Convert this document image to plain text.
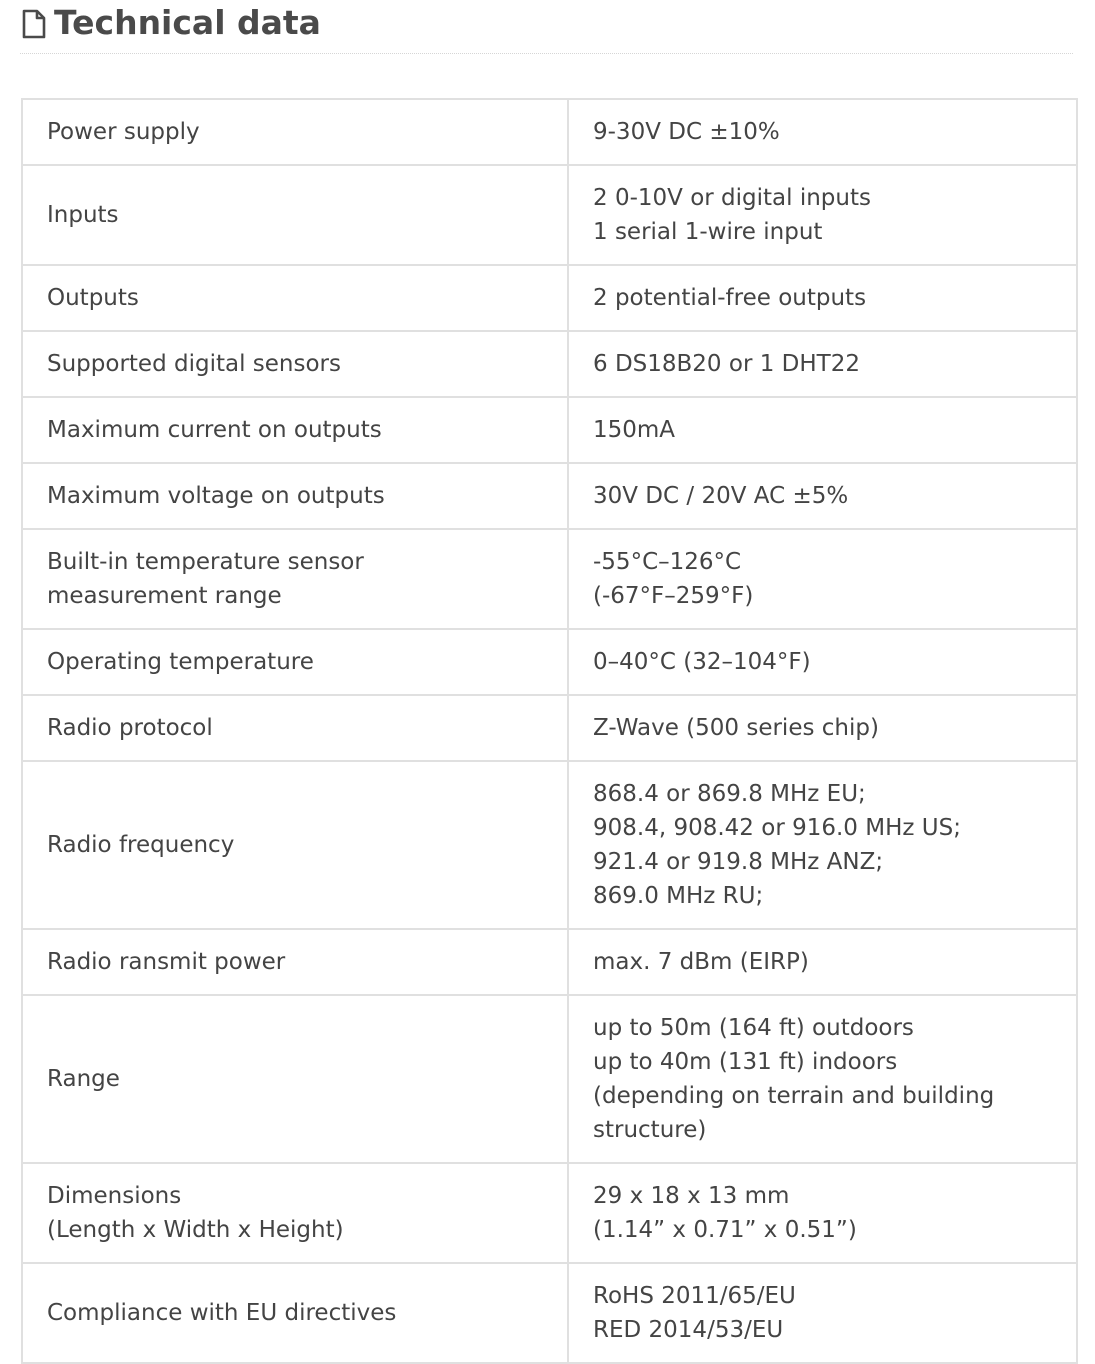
Technical data
Power supply	9-30V DC ±10%

Inputs	2 0-10V or digital inputs
1 serial 1-wire input

Outputs	2 potential-free outputs

Supported digital sensors	6 DS18B20 or 1 DHT22

Maximum current on outputs	150mA

Maximum voltage on outputs	30V DC / 20V AC ±5%

Built-in temperature sensor
measurement range	-55°C–126°C
(-67°F–259°F)

Operating temperature	0–40°C (32–104°F)

Radio protocol	Z-Wave (500 series chip)

Radio frequency	868.4 or 869.8 MHz EU;
908.4, 908.42 or 916.0 MHz US;
921.4 or 919.8 MHz ANZ;
869.0 MHz RU;

Radio ransmit power	max. 7 dBm (EIRP)

Range	up to 50m (164 ft) outdoors
up to 40m (131 ft) indoors
(depending on terrain and building
structure)

Dimensions
(Length x Width x Height)	29 x 18 x 13 mm
(1.14” x 0.71” x 0.51”)

Compliance with EU directives	RoHS 2011/65/EU
RED 2014/53/EU
